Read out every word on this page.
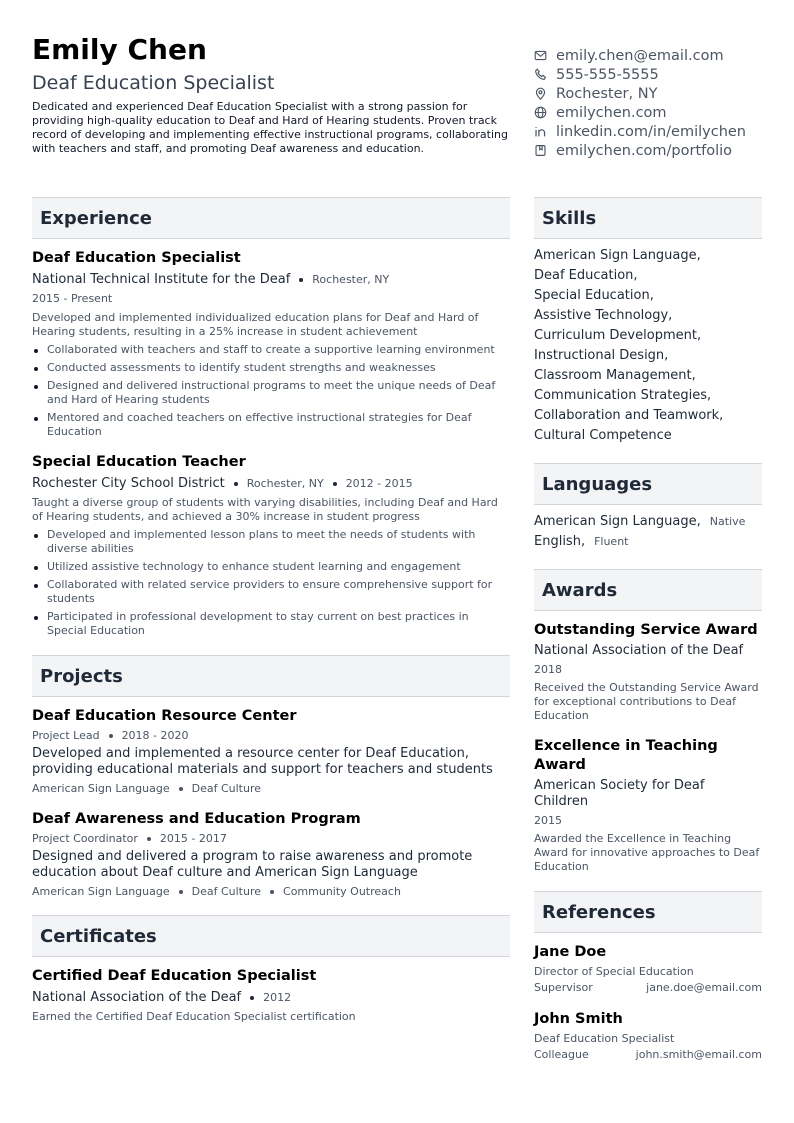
Emily Chen
Deaf Education Specialist

Dedicated and experienced Deaf Education Specialist with a strong passion for providing high-quality education to Deaf and Hard of Hearing students. Proven track record of developing and implementing effective instructional programs, collaborating with teachers and staff, and promoting Deaf awareness and education.

emily.chen@email.com
555-555-5555
Rochester, NY
emilychen.com
linkedin.com/in/emilychen
emilychen.com/portfolio
Experience
Deaf Education Specialist
National Technical Institute for the Deaf Rochester, NY
2015 - Present
Developed and implemented individualized education plans for Deaf and Hard of Hearing students, resulting in a 25% increase in student achievement
Collaborated with teachers and staff to create a supportive learning environment
Conducted assessments to identify student strengths and weaknesses
Designed and delivered instructional programs to meet the unique needs of Deaf and Hard of Hearing students
Mentored and coached teachers on effective instructional strategies for Deaf Education
Special Education Teacher
Rochester City School District Rochester, NY 2012 - 2015
Taught a diverse group of students with varying disabilities, including Deaf and Hard of Hearing students, and achieved a 30% increase in student progress
Developed and implemented lesson plans to meet the needs of students with diverse abilities
Utilized assistive technology to enhance student learning and engagement
Collaborated with related service providers to ensure comprehensive support for students
Participated in professional development to stay current on best practices in Special Education
Projects
Deaf Education Resource Center
Project Lead 2018 - 2020
Developed and implemented a resource center for Deaf Education, providing educational materials and support for teachers and students
American Sign Language Deaf Culture
Deaf Awareness and Education Program
Project Coordinator 2015 - 2017
Designed and delivered a program to raise awareness and promote education about Deaf culture and American Sign Language
American Sign Language Deaf Culture Community Outreach
Certificates
Certified Deaf Education Specialist
National Association of the Deaf 2012
Earned the Certified Deaf Education Specialist certification
Skills
American Sign Language,
Deaf Education,
Special Education,
Assistive Technology,
Curriculum Development,
Instructional Design,
Classroom Management,
Communication Strategies,
Collaboration and Teamwork,
Cultural Competence
Languages
American Sign Language, Native
English, Fluent
Awards
Outstanding Service Award
National Association of the Deaf
2018
Received the Outstanding Service Award for exceptional contributions to Deaf Education
Excellence in Teaching Award
American Society for Deaf Children
2015
Awarded the Excellence in Teaching Award for innovative approaches to Deaf Education
References
Jane Doe
Director of Special Education
Supervisor	jane.doe@email.com
John Smith
Deaf Education Specialist
Colleague	john.smith@email.com
